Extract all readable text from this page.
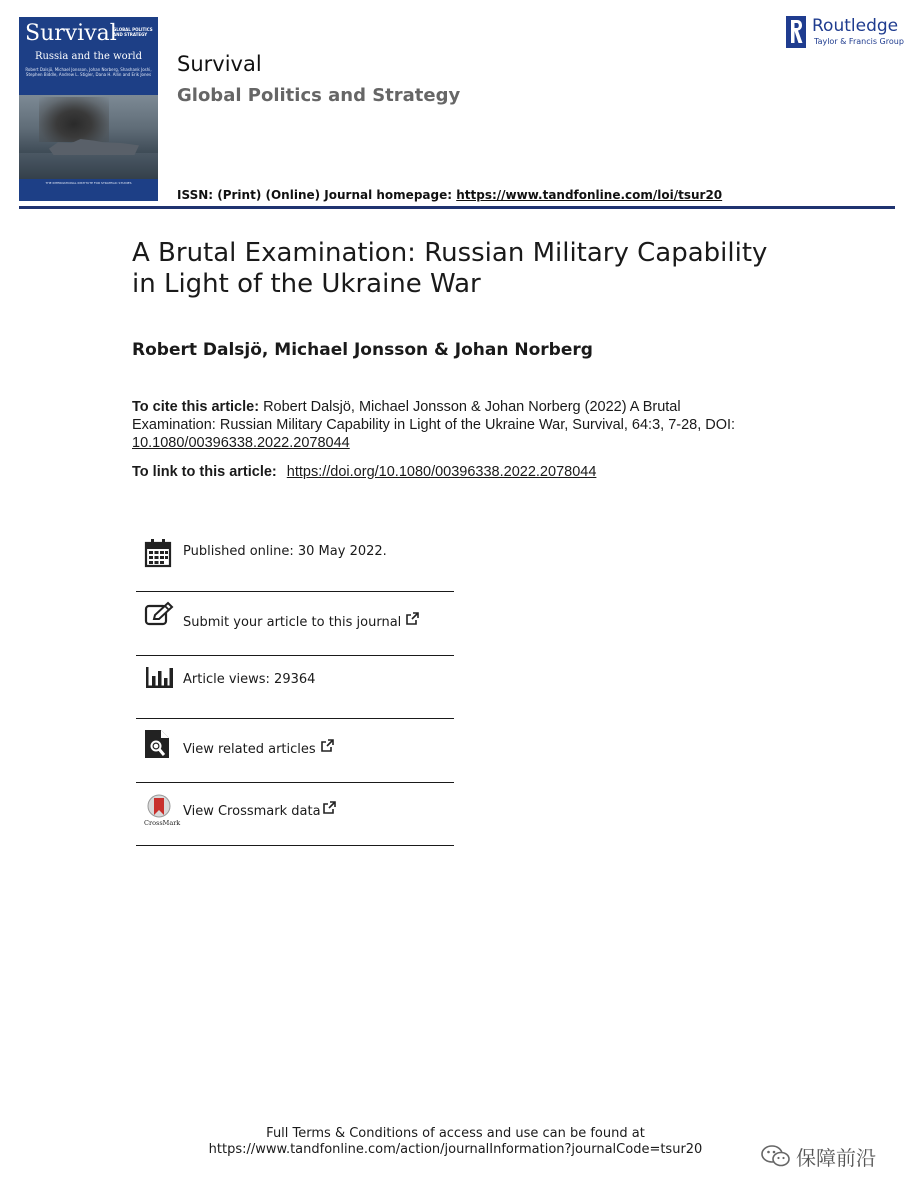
Survival
GLOBAL POLITICS AND STRATEGY
Russia and the world
Robert Dalsjö, Michael Jonsson, Johan Norberg, Shashank Joshi, Stephen Biddle, Andrew L. Stigler, Dana H. Allin and Erik Jones
THE INTERNATIONAL INSTITUTE FOR STRATEGIC STUDIES
Survival
Global Politics and Strategy
ISSN: (Print) (Online) Journal homepage: https://www.tandfonline.com/loi/tsur20
Routledge
Taylor & Francis Group
A Brutal Examination: Russian Military Capability in Light of the Ukraine War
Robert Dalsjö, Michael Jonsson & Johan Norberg
To cite this article: Robert Dalsjö, Michael Jonsson & Johan Norberg (2022) A Brutal Examination: Russian Military Capability in Light of the Ukraine War, Survival, 64:3, 7-28, DOI: 10.1080/00396338.2022.2078044
To link to this article: https://doi.org/10.1080/00396338.2022.2078044
Published online: 30 May 2022.
Submit your article to this journal
Article views: 29364
View related articles
CrossMark
View Crossmark data
Full Terms & Conditions of access and use can be found at
https://www.tandfonline.com/action/journalInformation?journalCode=tsur20	保障前沿
